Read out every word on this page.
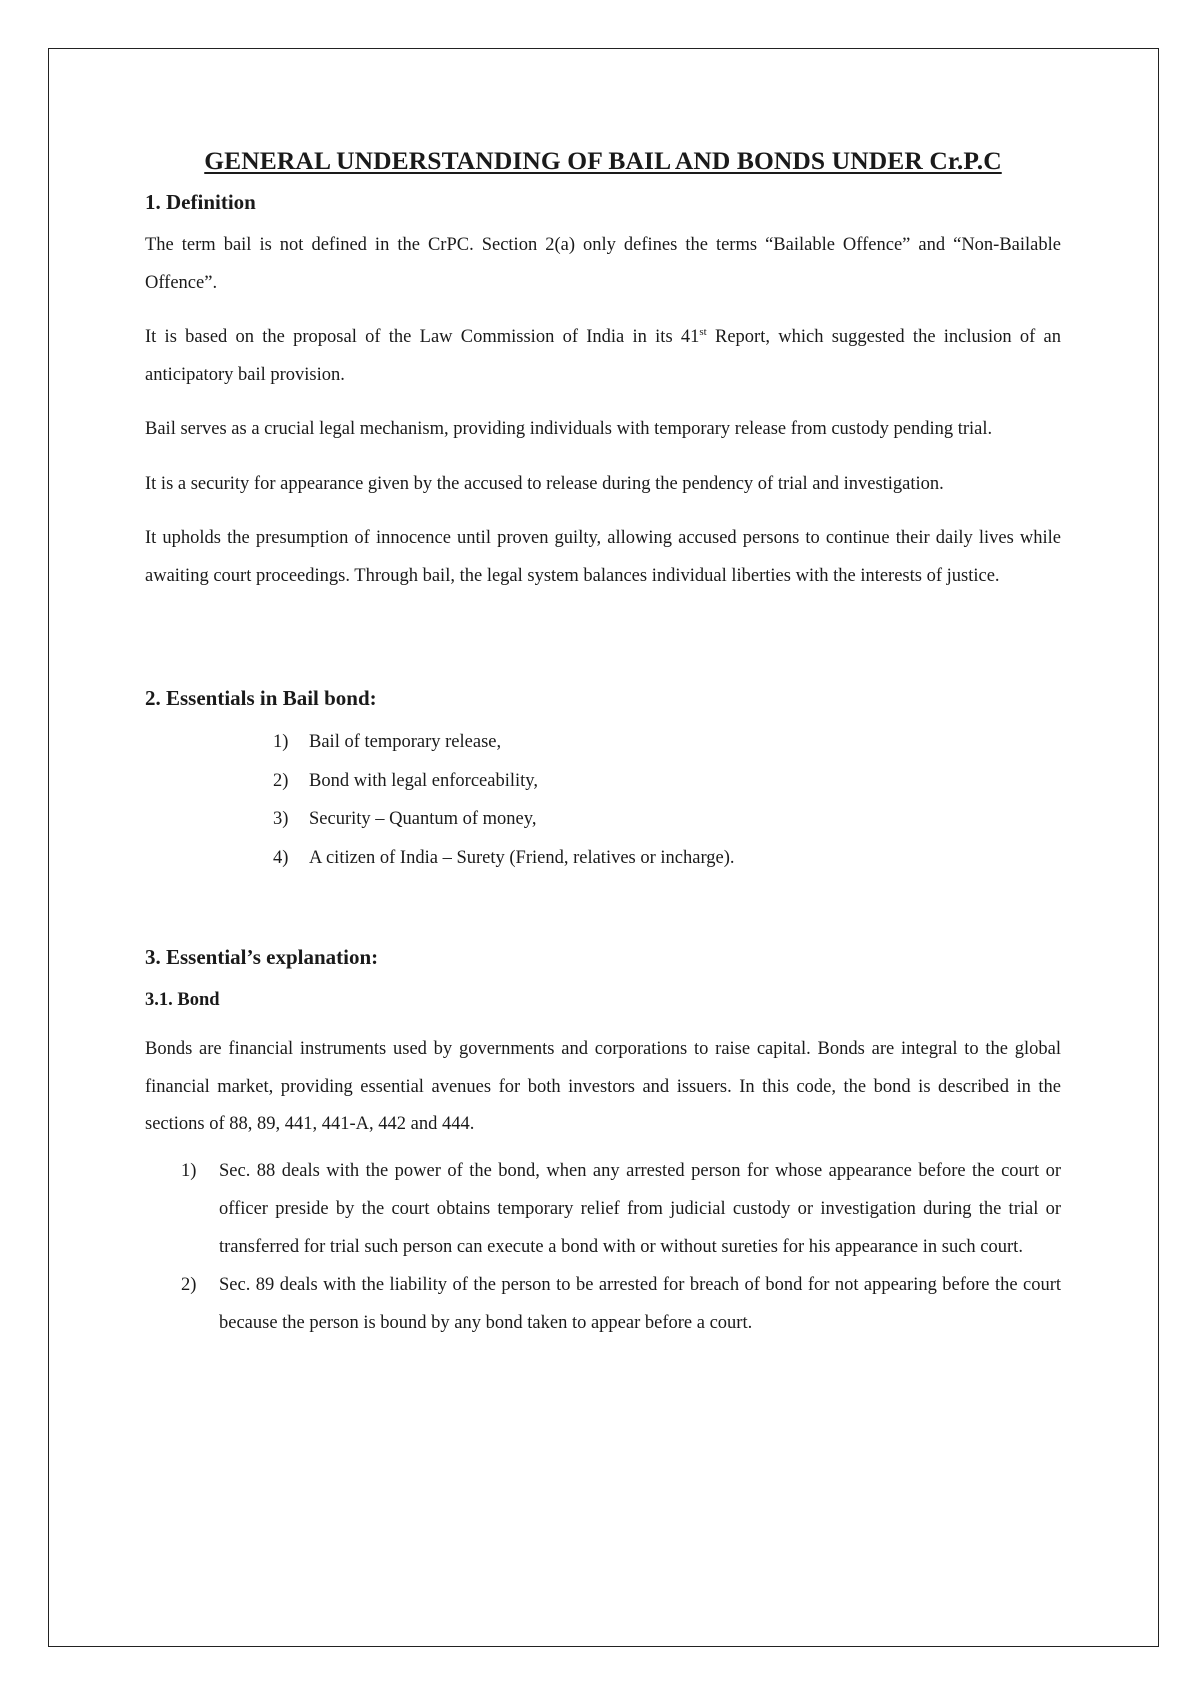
GENERAL UNDERSTANDING OF BAIL AND BONDS UNDER Cr.P.C
1. Definition

The term bail is not defined in the CrPC. Section 2(a) only defines the terms “Bailable Offence” and “Non-Bailable Offence”.

It is based on the proposal of the Law Commission of India in its 41st Report, which suggested the inclusion of an anticipatory bail provision.

Bail serves as a crucial legal mechanism, providing individuals with temporary release from custody pending trial.

It is a security for appearance given by the accused to release during the pendency of trial and investigation.

It upholds the presumption of innocence until proven guilty, allowing accused persons to continue their daily lives while awaiting court proceedings. Through bail, the legal system balances individual liberties with the interests of justice.

2. Essentials in Bail bond:
1)	Bail of temporary release,
2)	Bond with legal enforceability,
3)	Security – Quantum of money,
4)	A citizen of India – Surety (Friend, relatives or incharge).
3. Essential’s explanation:
3.1. Bond

Bonds are financial instruments used by governments and corporations to raise capital. Bonds are integral to the global financial market, providing essential avenues for both investors and issuers. In this code, the bond is described in the sections of 88, 89, 441, 441-A, 442 and 444.

1)	Sec. 88 deals with the power of the bond, when any arrested person for whose appearance before the court or officer preside by the court obtains temporary relief from judicial custody or investigation during the trial or transferred for trial such person can execute a bond with or without sureties for his appearance in such court.
2)	Sec. 89 deals with the liability of the person to be arrested for breach of bond for not appearing before the court because the person is bound by any bond taken to appear before a court.
